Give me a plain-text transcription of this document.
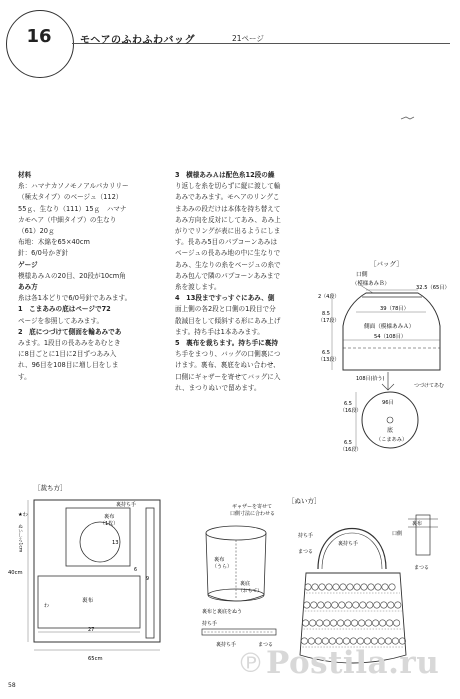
16	モヘアのふわふわバッグ	21ページ

材料

糸：ハマナカソノモノアルパカリリー

（極太タイプ）のベージュ（112）

55ｇ、生なり（111）15ｇ　ハマナ

カモヘア（中細タイプ）の生なり

（61）20ｇ

布地：木綿を65×40cm

針：6/0号かぎ針

ゲージ

模様あみＡの20目、20段が10cm角

あみ方

糸は各1本どりで6/0号針であみます。

1　こまあみの底はページで72

ページを参照してあみます。

2　底につづけて側面を輪あみであ

みます。1段目の長あみをあむとき

に8目ごとに1目に2目ずつあみ入

れ、96目を108目に増し目をしま

す。

3　横様あみＡは配色糸12段の繰

り返しを糸を切らずに縦に渡して輪

あみであみます。モヘアのリングこ

まあみの段だけは本体を持ち替えて

あみ方向を反対にしてあみ、あみ上

がりでリングが表に出るようにしま

す。長あみ5目のパプコーンあみは

ベージュの長あみ地の中に生なりで

あみ、生なりの糸をベージュの糸で

あみ包んで隣のパプコーンあみまで

糸を渡します。

4　13段まですっすぐにあみ、側

面上側の各2段と口側の1段目で分

散減目をして傾斜する形にあみ上げ

ます。持ち手は1本あみます。

5　裏布を裁ちます。持ち手に裏持

ち手をまつり、バッグの口側裏につ

けます。裏布、裏底をぬい合わせ、

口側にギャザーを寄せてバッグに入

れ、まつりぬいで留めます。

［バッグ］
口側
（模様あみＢ）
32.5（65目）
39（78目）
側面（模様あみＡ）
54（108目）
2（4段）
8.5
（17段）
6.5
（13段）
108目(拾う)
つづけてあむ
96目
底
（こまあみ）
6.5
（16段）
6.5
（16段）
［裁ち方］
★わ
ぬいしろ1cm
裏布
（1枚）
13
裏持ち手
裏布
わ
27
9
6
40cm
65cm
［ぬい方］
ギャザーを寄せて
口側寸法に合わせる
裏布
（うら）
裏底
（おもて）
裏布と裏底をぬう
持ち手
裏持ち手	まつる
持ち手
裏持ち手
まつる
裏布
口側
まつる
58
℗ Postila.ru
